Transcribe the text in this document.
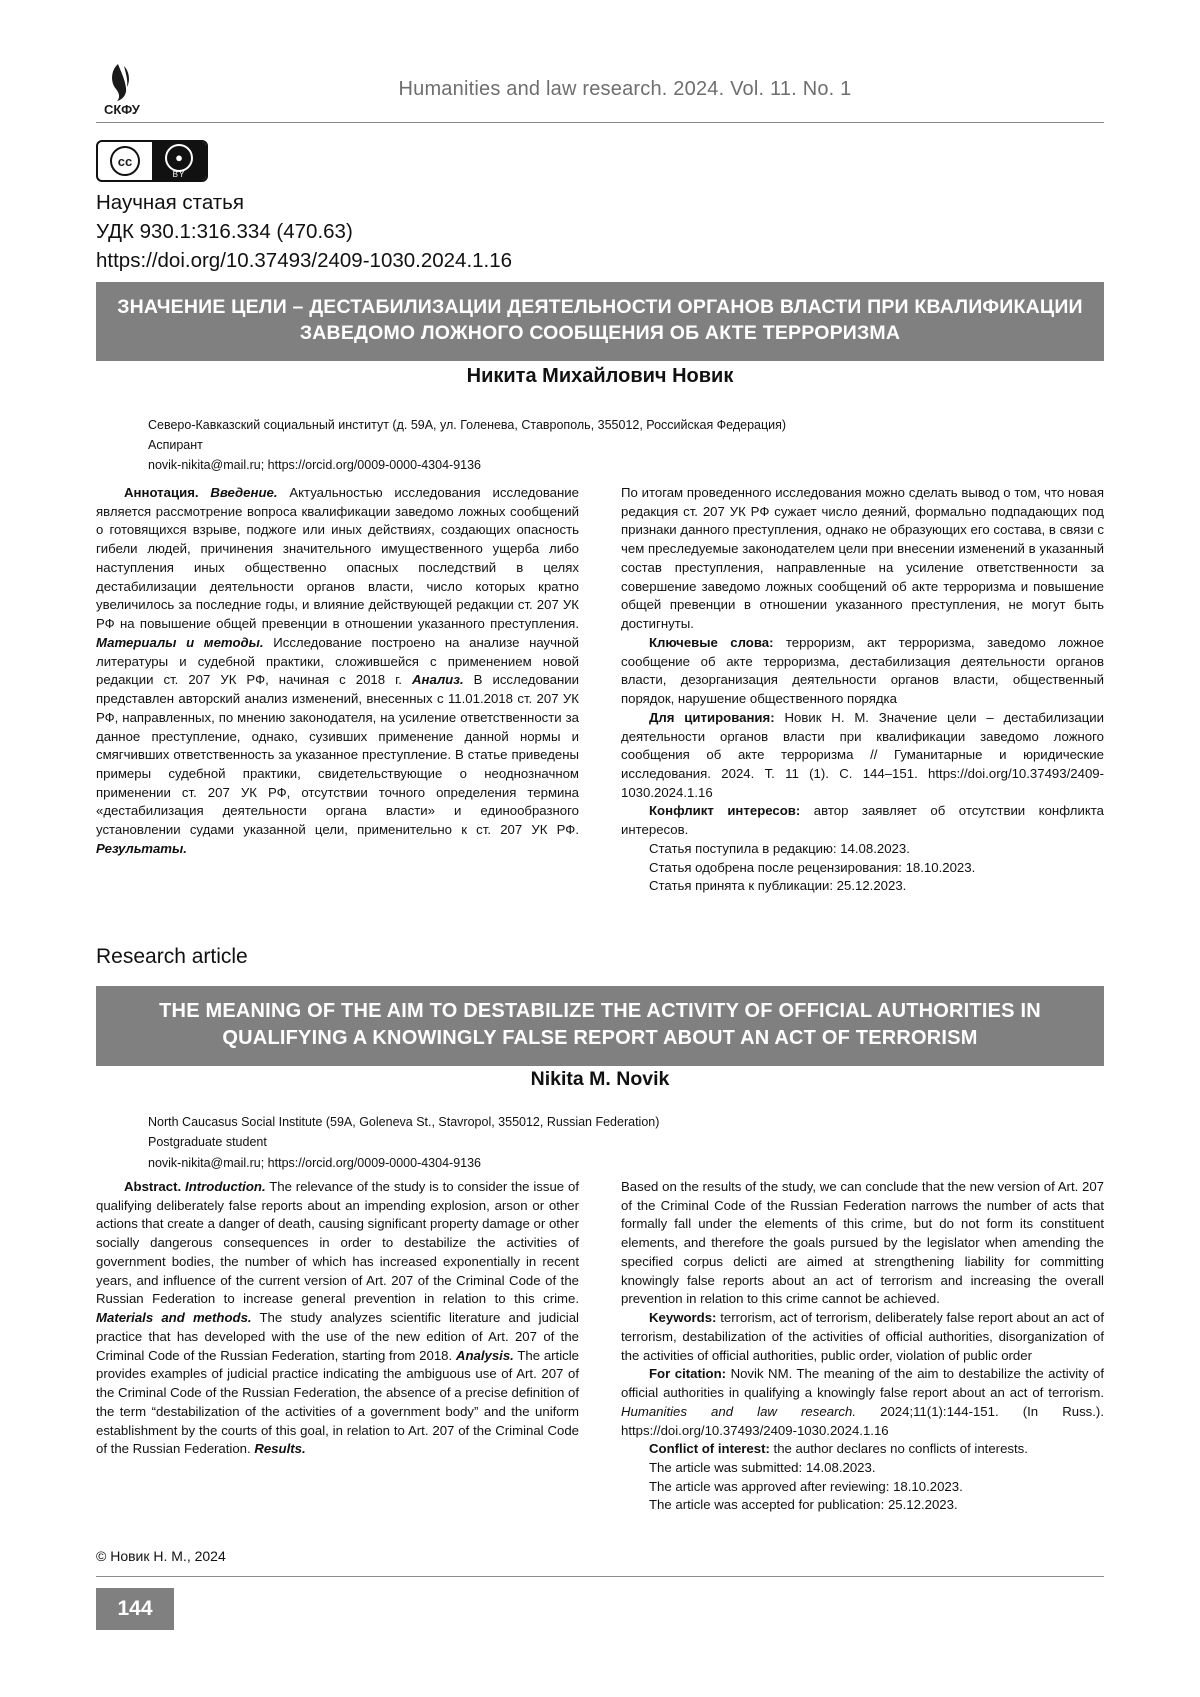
СКФУ
Humanities and law research. 2024. Vol. 11. No. 1
cc	●
BY
Научная статья
УДК 930.1:316.334 (470.63)
https://doi.org/10.37493/2409-1030.2024.1.16
ЗНАЧЕНИЕ ЦЕЛИ – ДЕСТАБИЛИЗАЦИИ ДЕЯТЕЛЬНОСТИ ОРГАНОВ ВЛАСТИ ПРИ КВАЛИФИКАЦИИ ЗАВЕДОМО ЛОЖНОГО СООБЩЕНИЯ ОБ АКТЕ ТЕРРОРИЗМА
Никита Михайлович Новик
Северо-Кавказский социальный институт (д. 59А, ул. Голенева, Ставрополь, 355012, Российская Федерация)
Аспирант
novik-nikita@mail.ru; https://orcid.org/0009-0000-4304-9136

Аннотация. Введение. Актуальностью исследования исследование является рассмотрение вопроса квалификации заведомо ложных сообщений о готовящихся взрыве, поджоге или иных действиях, создающих опасность гибели людей, причинения значительного имущественного ущерба либо наступления иных общественно опасных последствий в целях дестабилизации деятельности органов власти, число которых кратно увеличилось за последние годы, и влияние действующей редакции ст. 207 УК РФ на повышение общей превенции в отношении указанного преступления. Материалы и методы. Исследование построено на анализе научной литературы и судебной практики, сложившейся с применением новой редакции ст. 207 УК РФ, начиная с 2018 г. Анализ. В исследовании представлен авторский анализ изменений, внесенных с 11.01.2018 ст. 207 УК РФ, направленных, по мнению законодателя, на усиление ответственности за данное преступление, однако, сузивших применение данной нормы и смягчивших ответственность за указанное преступление. В статье приведены примеры судебной практики, свидетельствующие о неоднозначном применении ст. 207 УК РФ, отсутствии точного определения термина «дестабилизация деятельности органа власти» и единообразного установлении судами указанной цели, применительно к ст. 207 УК РФ. Результаты.

По итогам проведенного исследования можно сделать вывод о том, что новая редакция ст. 207 УК РФ сужает число деяний, формально подпадающих под признаки данного преступления, однако не образующих его состава, в связи с чем преследуемые законодателем цели при внесении изменений в указанный состав преступления, направленные на усиление ответственности за совершение заведомо ложных сообщений об акте терроризма и повышение общей превенции в отношении указанного преступления, не могут быть достигнуты.

Ключевые слова: терроризм, акт терроризма, заведомо ложное сообщение об акте терроризма, дестабилизация деятельности органов власти, дезорганизация деятельности органов власти, общественный порядок, нарушение общественного порядка

Для цитирования: Новик Н. М. Значение цели – дестабилизации деятельности органов власти при квалификации заведомо ложного сообщения об акте терроризма // Гуманитарные и юридические исследования. 2024. Т. 11 (1). С. 144–151. https://doi.org/10.37493/2409-1030.2024.1.16

Конфликт интересов: автор заявляет об отсутствии конфликта интересов.

Статья поступила в редакцию: 14.08.2023.

Статья одобрена после рецензирования: 18.10.2023.

Статья принята к публикации: 25.12.2023.

Research article
THE MEANING OF THE AIM TO DESTABILIZE THE ACTIVITY OF OFFICIAL AUTHORITIES IN QUALIFYING A KNOWINGLY FALSE REPORT ABOUT AN ACT OF TERRORISM
Nikita M. Novik
North Caucasus Social Institute (59A, Goleneva St., Stavropol, 355012, Russian Federation)
Postgraduate student
novik-nikita@mail.ru; https://orcid.org/0009-0000-4304-9136

Abstract. Introduction. The relevance of the study is to consider the issue of qualifying deliberately false reports about an impending explosion, arson or other actions that create a danger of death, causing significant property damage or other socially dangerous consequences in order to destabilize the activities of government bodies, the number of which has increased exponentially in recent years, and influence of the current version of Art. 207 of the Criminal Code of the Russian Federation to increase general prevention in relation to this crime. Materials and methods. The study analyzes scientific literature and judicial practice that has developed with the use of the new edition of Art. 207 of the Criminal Code of the Russian Federation, starting from 2018. Analysis. The article provides examples of judicial practice indicating the ambiguous use of Art. 207 of the Criminal Code of the Russian Federation, the absence of a precise definition of the term “destabilization of the activities of a government body” and the uniform establishment by the courts of this goal, in relation to Art. 207 of the Criminal Code of the Russian Federation. Results.

Based on the results of the study, we can conclude that the new version of Art. 207 of the Criminal Code of the Russian Federation narrows the number of acts that formally fall under the elements of this crime, but do not form its constituent elements, and therefore the goals pursued by the legislator when amending the specified corpus delicti are aimed at strengthening liability for committing knowingly false reports about an act of terrorism and increasing the overall prevention in relation to this crime cannot be achieved.

Keywords: terrorism, act of terrorism, deliberately false report about an act of terrorism, destabilization of the activities of official authorities, disorganization of the activities of official authorities, public order, violation of public order

For citation: Novik NM. The meaning of the aim to destabilize the activity of official authorities in qualifying a knowingly false report about an act of terrorism. Humanities and law research. 2024;11(1):144-151. (In Russ.). https://doi.org/10.37493/2409-1030.2024.1.16

Conflict of interest: the author declares no conflicts of interests.

The article was submitted: 14.08.2023.

The article was approved after reviewing: 18.10.2023.

The article was accepted for publication: 25.12.2023.

© Новик Н. М., 2024
144
